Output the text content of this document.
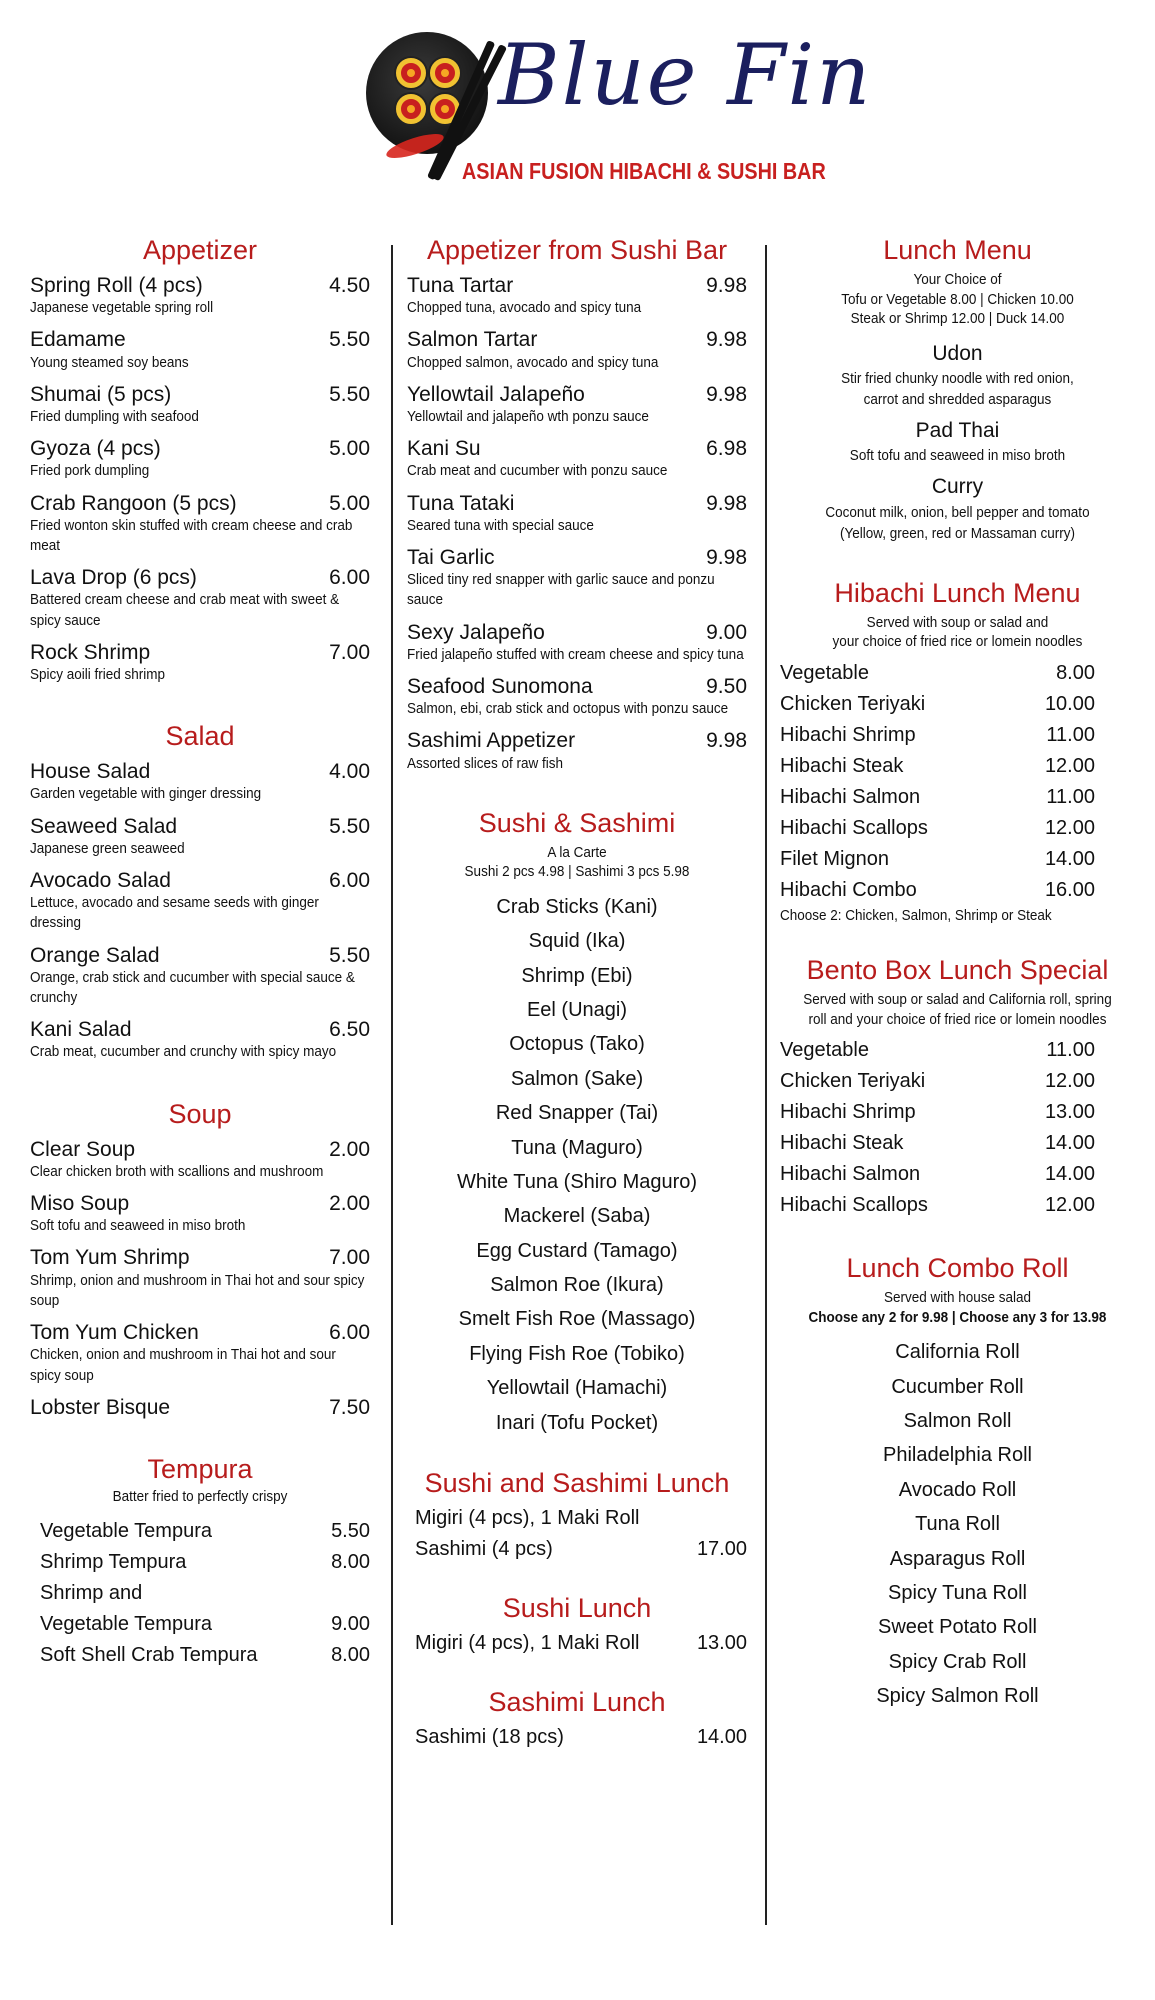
Blue Fin
ASIAN FUSION HIBACHI & SUSHI BAR
Appetizer
Spring Roll (4 pcs)	4.50
Japanese vegetable spring roll
Edamame	5.50
Young steamed soy beans
Shumai (5 pcs)	5.50
Fried dumpling with seafood
Gyoza (4 pcs)	5.00
Fried pork dumpling
Crab Rangoon (5 pcs)	5.00
Fried wonton skin stuffed with cream cheese and crab meat
Lava Drop (6 pcs)	6.00
Battered cream cheese and crab meat with sweet & spicy sauce
Rock Shrimp	7.00
Spicy aoili fried shrimp
Salad
House Salad	4.00
Garden vegetable with ginger dressing
Seaweed Salad	5.50
Japanese green seaweed
Avocado Salad	6.00
Lettuce, avocado and sesame seeds with ginger dressing
Orange Salad	5.50
Orange, crab stick and cucumber with special sauce & crunchy
Kani Salad	6.50
Crab meat, cucumber and crunchy with spicy mayo
Soup
Clear Soup	2.00
Clear chicken broth with scallions and mushroom
Miso Soup	2.00
Soft tofu and seaweed in miso broth
Tom Yum Shrimp	7.00
Shrimp, onion and mushroom in Thai hot and sour spicy soup
Tom Yum Chicken	6.00
Chicken, onion and mushroom in Thai hot and sour spicy soup
Lobster Bisque	7.50
Tempura
Batter fried to perfectly crispy
Vegetable Tempura	5.50
Shrimp Tempura	8.00
Shrimp and
Vegetable Tempura	9.00
Soft Shell Crab Tempura	8.00
Appetizer from Sushi Bar
Tuna Tartar	9.98
Chopped tuna, avocado and spicy tuna
Salmon Tartar	9.98
Chopped salmon, avocado and spicy tuna
Yellowtail Jalapeño	9.98
Yellowtail and jalapeño wth ponzu sauce
Kani Su	6.98
Crab meat and cucumber with ponzu sauce
Tuna Tataki	9.98
Seared tuna with special sauce
Tai Garlic	9.98
Sliced tiny red snapper with garlic sauce and ponzu sauce
Sexy Jalapeño	9.00
Fried jalapeño stuffed with cream cheese and spicy tuna
Seafood Sunomona	9.50
Salmon, ebi, crab stick and octopus with ponzu sauce
Sashimi Appetizer	9.98
Assorted slices of raw fish
Sushi & Sashimi
A la Carte
Sushi 2 pcs 4.98 | Sashimi 3 pcs 5.98
Crab Sticks (Kani)
Squid (Ika)
Shrimp (Ebi)
Eel (Unagi)
Octopus (Tako)
Salmon (Sake)
Red Snapper (Tai)
Tuna (Maguro)
White Tuna (Shiro Maguro)
Mackerel (Saba)
Egg Custard (Tamago)
Salmon Roe (Ikura)
Smelt Fish Roe (Massago)
Flying Fish Roe (Tobiko)
Yellowtail (Hamachi)
Inari (Tofu Pocket)
Sushi and Sashimi Lunch
Migiri (4 pcs), 1 Maki Roll
Sashimi (4 pcs)	17.00
Sushi Lunch
Migiri (4 pcs), 1 Maki Roll	13.00
Sashimi Lunch
Sashimi (18 pcs)	14.00
Lunch Menu
Your Choice of
Tofu or Vegetable 8.00 | Chicken 10.00
Steak or Shrimp 12.00 | Duck 14.00
Udon
Stir fried chunky noodle with red onion,
carrot and shredded asparagus
Pad Thai
Soft tofu and seaweed in miso broth
Curry
Coconut milk, onion, bell pepper and tomato
(Yellow, green, red or Massaman curry)
Hibachi Lunch Menu
Served with soup or salad and
your choice of fried rice or lomein noodles
Vegetable	8.00
Chicken Teriyaki	10.00
Hibachi Shrimp	11.00
Hibachi Steak	12.00
Hibachi Salmon	11.00
Hibachi Scallops	12.00
Filet Mignon	14.00
Hibachi Combo	16.00
Choose 2: Chicken, Salmon, Shrimp or Steak
Bento Box Lunch Special
Served with soup or salad and California roll, spring
roll and your choice of fried rice or lomein noodles
Vegetable	11.00
Chicken Teriyaki	12.00
Hibachi Shrimp	13.00
Hibachi Steak	14.00
Hibachi Salmon	14.00
Hibachi Scallops	12.00
Lunch Combo Roll
Served with house salad
Choose any 2 for 9.98 | Choose any 3 for 13.98
California Roll
Cucumber Roll
Salmon Roll
Philadelphia Roll
Avocado Roll
Tuna Roll
Asparagus Roll
Spicy Tuna Roll
Sweet Potato Roll
Spicy Crab Roll
Spicy Salmon Roll
